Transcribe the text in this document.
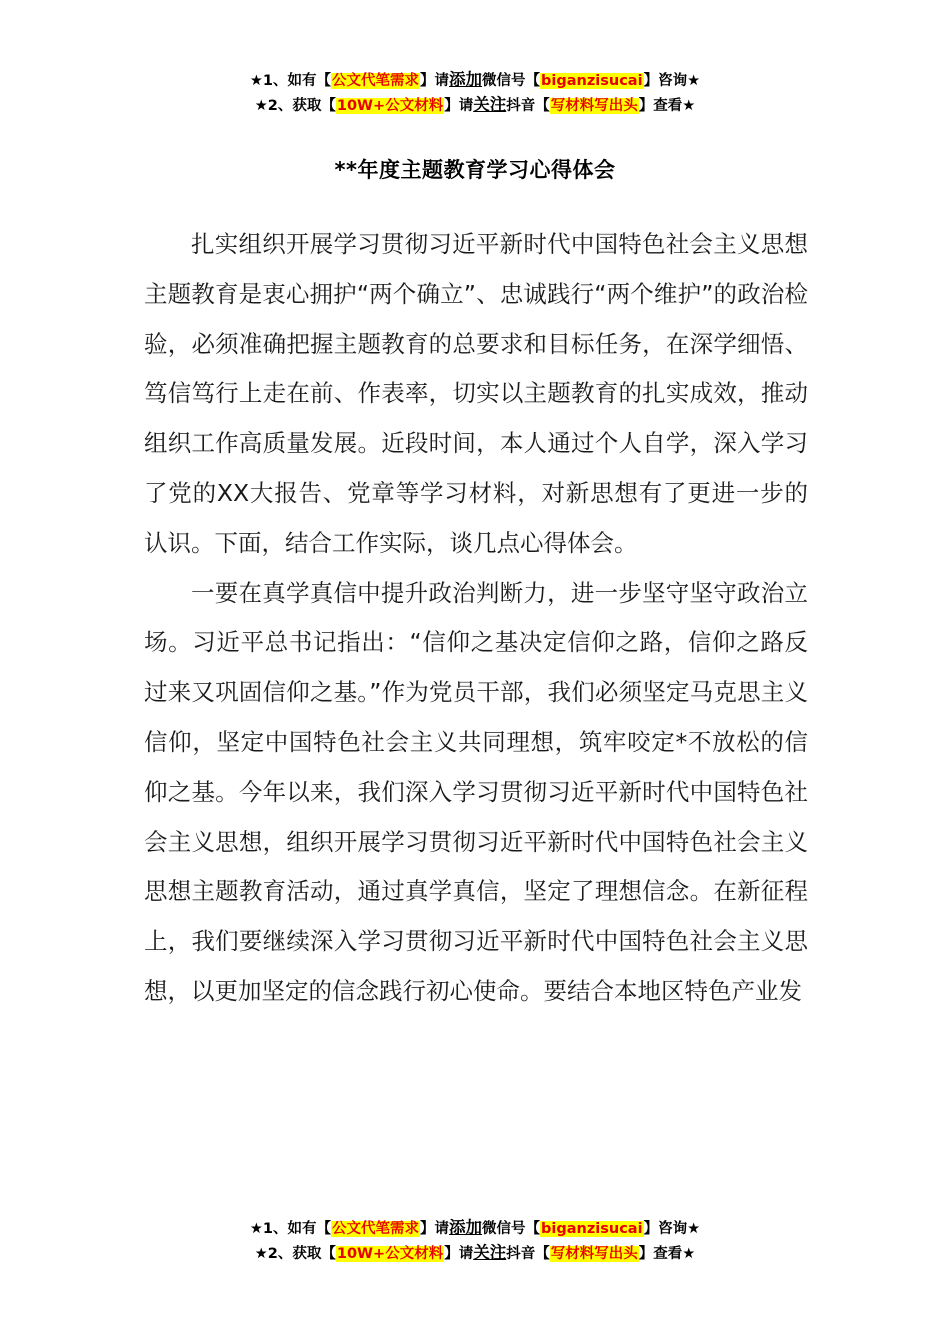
★1、如有【公文代笔需求】请添加微信号【biganzisucai】咨询★
★2、获取【10W+公文材料】请关注抖音【写材料写出头】查看★
**年度主题教育学习心得体会

扎实组织开展学习贯彻习近平新时代中国特色社会主义思想主题教育是衷心拥护“两个确立”、忠诚践行“两个维护”的政治检验，必须准确把握主题教育的总要求和目标任务，在深学细悟、笃信笃行上走在前、作表率，切实以主题教育的扎实成效，推动组织工作高质量发展。近段时间，本人通过个人自学，深入学习了党的XX大报告、党章等学习材料，对新思想有了更进一步的认识。下面，结合工作实际，谈几点心得体会。

一要在真学真信中提升政治判断力，进一步坚守坚守政治立场。习近平总书记指出：“信仰之基决定信仰之路，信仰之路反过来又巩固信仰之基。”作为党员干部，我们必须坚定马克思主义信仰，坚定中国特色社会主义共同理想，筑牢咬定*不放松的信仰之基。今年以来，我们深入学习贯彻习近平新时代中国特色社会主义思想，组织开展学习贯彻习近平新时代中国特色社会主义思想主题教育活动，通过真学真信，坚定了理想信念。在新征程上，我们要继续深入学习贯彻习近平新时代中国特色社会主义思想，以更加坚定的信念践行初心使命。要结合本地区特色产业发

★1、如有【公文代笔需求】请添加微信号【biganzisucai】咨询★
★2、获取【10W+公文材料】请关注抖音【写材料写出头】查看★
